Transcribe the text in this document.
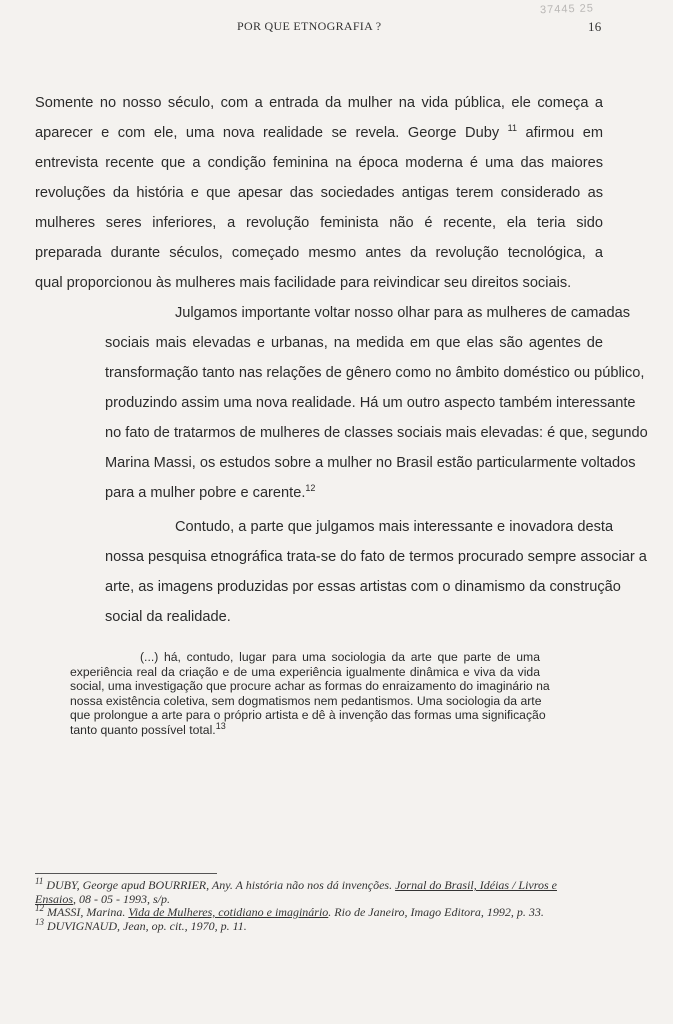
37445 25
POR QUE ETNOGRAFIA ?	16

Somente no nosso século, com a entrada da mulher na vida pública, ele começa a
aparecer e com ele, uma nova realidade se revela. George Duby $^{11}$ afirmou em
entrevista recente que a condição feminina na época moderna é uma das maiores
revoluções da história e que apesar das sociedades antigas terem considerado as
mulheres seres inferiores, a revolução feminista não é recente, ela teria sido
preparada durante séculos, começado mesmo antes da revolução tecnológica, a
qual proporcionou às mulheres mais facilidade para reivindicar seu direitos sociais.

Julgamos importante voltar nosso olhar para as mulheres de camadas
sociais mais elevadas e urbanas, na medida em que elas são agentes de
transformação tanto nas relações de gênero como no âmbito doméstico ou público,
produzindo assim uma nova realidade. Há um outro aspecto também interessante
no fato de tratarmos de mulheres de classes sociais mais elevadas: é que, segundo
Marina Massi, os estudos sobre a mulher no Brasil estão particularmente voltados
para a mulher pobre e carente.$^{12}$

Contudo, a parte que julgamos mais interessante e inovadora desta
nossa pesquisa etnográfica trata-se do fato de termos procurado sempre associar a
arte, as imagens produzidas por essas artistas com o dinamismo da construção
social da realidade.

(...) há, contudo, lugar para uma sociologia da arte que parte de uma
experiência real da criação e de uma experiência igualmente dinâmica e viva da vida
social, uma investigação que procure achar as formas do enraizamento do imaginário na
nossa existência coletiva, sem dogmatismos nem pedantismos. Uma sociologia da arte
que prolongue a arte para o próprio artista e dê à invenção das formas uma significação
tanto quanto possível total.$^{13}$
$^{11}$ DUBY, George apud BOURRIER, Any. A história não nos dá invenções. Jornal do Brasil, Idéias / Livros e
Ensaios, 08 - 05 - 1993, s/p.
$^{12}$ MASSI, Marina. Vida de Mulheres, cotidiano e imaginário. Rio de Janeiro, Imago Editora, 1992, p. 33.
$^{13}$ DUVIGNAUD, Jean, op. cit., 1970, p. 11.
